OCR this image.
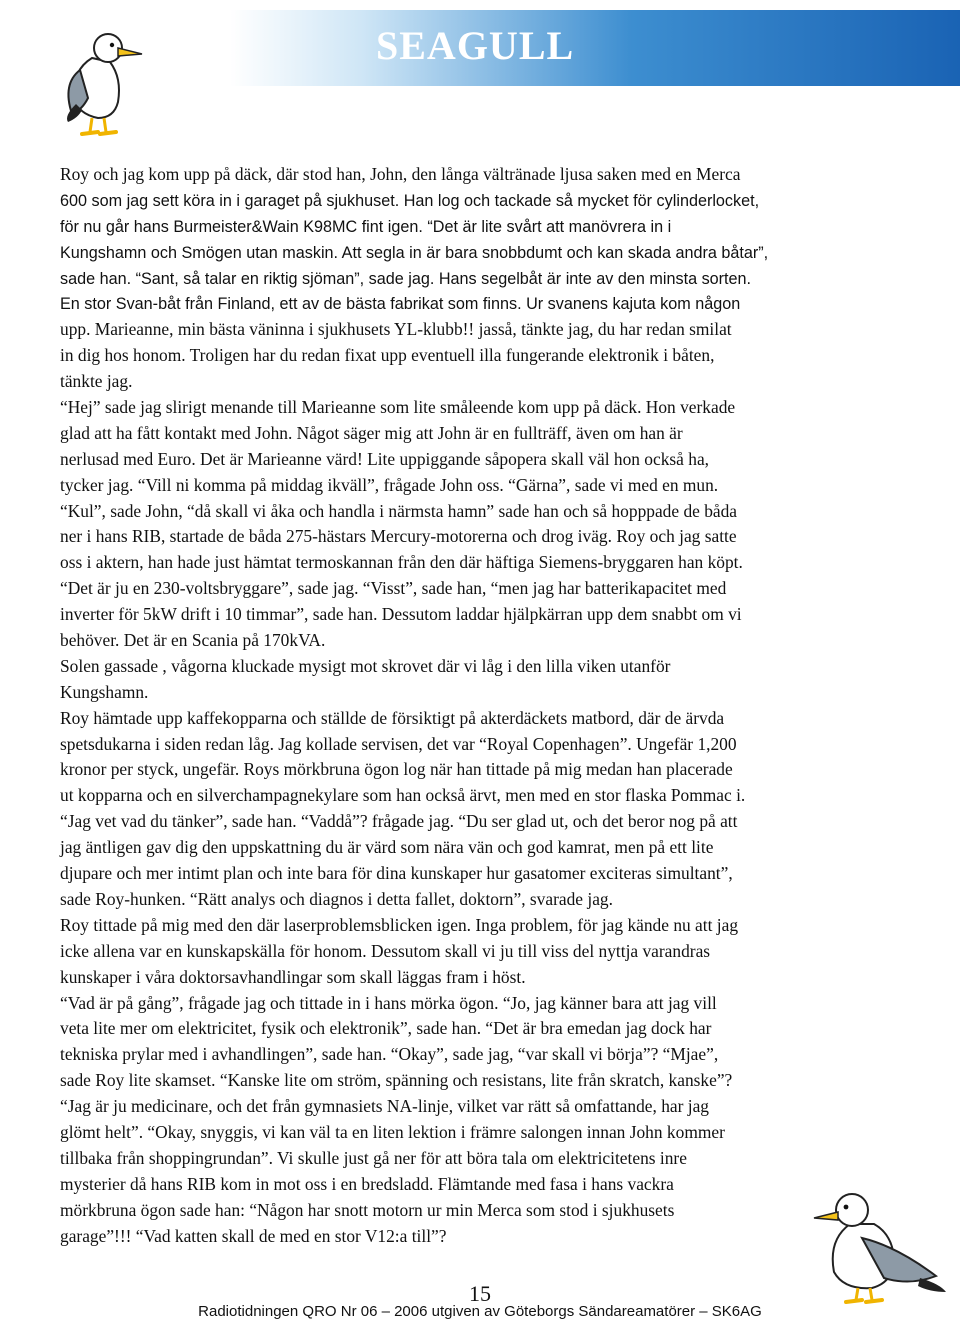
SEAGULL
Roy och jag kom upp på däck, där stod han, John, den långa vältränade ljusa saken med en Merca
600 som jag sett köra in i garaget på sjukhuset. Han log och tackade så mycket för cylinderlocket,
för nu går hans Burmeister&Wain K98MC fint igen. “Det är lite svårt att manövrera in i
Kungshamn och Smögen utan maskin. Att segla in är bara snobbdumt och kan skada andra båtar”,
sade han. “Sant, så talar en riktig sjöman”, sade jag. Hans segelbåt är inte av den minsta sorten.
En stor Svan-båt från Finland, ett av de bästa fabrikat som finns. Ur svanens kajuta kom någon
upp. Marieanne, min bästa väninna i sjukhusets YL-klubb!! jasså, tänkte jag, du har redan smilat
in dig hos honom. Troligen har du redan fixat upp eventuell illa fungerande elektronik i båten,
tänkte jag.
“Hej” sade jag slirigt menande till Marieanne som lite småleende kom upp på däck. Hon verkade
glad att ha fått kontakt med John. Något säger mig att John är en fullträff, även om han är
nerlusad med Euro. Det är Marieanne värd! Lite uppiggande såpopera skall väl hon också ha,
tycker jag. “Vill ni komma på middag ikväll”, frågade John oss. “Gärna”, sade vi med en mun.
“Kul”, sade John, “då skall vi åka och handla i närmsta hamn” sade han och så hopppade de båda
ner i hans RIB, startade de båda 275-hästars Mercury-motorerna och drog iväg. Roy och jag satte
oss i aktern, han hade just hämtat termoskannan från den där häftiga Siemens-bryggaren han köpt.
“Det är ju en 230-voltsbryggare”, sade jag. “Visst”, sade han, “men jag har batterikapacitet med
inverter för 5kW drift i 10 timmar”, sade han. Dessutom laddar hjälpkärran upp dem snabbt om vi
behöver. Det är en Scania på 170kVA.
Solen gassade , vågorna kluckade mysigt mot skrovet där vi låg i den lilla viken utanför
Kungshamn.
Roy hämtade upp kaffekopparna och ställde de försiktigt på akterdäckets matbord, där de ärvda
spetsdukarna i siden redan låg. Jag kollade servisen, det var “Royal Copenhagen”. Ungefär 1,200
kronor per styck, ungefär. Roys mörkbruna ögon log när han tittade på mig medan han placerade
ut kopparna och en silverchampagnekylare som han också ärvt, men med en stor flaska Pommac i.
“Jag vet vad du tänker”, sade han. “Vaddå”? frågade jag. “Du ser glad ut, och det beror nog på att
jag äntligen gav dig den uppskattning du är värd som nära vän och god kamrat, men på ett lite
djupare och mer intimt plan och inte bara för dina kunskaper hur gasatomer exciteras simultant”,
sade Roy-hunken. “Rätt analys och diagnos i detta fallet, doktorn”, svarade jag.
Roy tittade på mig med den där laserproblemsblicken igen. Inga problem, för jag kände nu att jag
icke allena var en kunskapskälla för honom. Dessutom skall vi ju till viss del nyttja varandras
kunskaper i våra doktorsavhandlingar som skall läggas fram i höst.
“Vad är på gång”, frågade jag och tittade in i hans mörka ögon. “Jo, jag känner bara att jag vill
veta lite mer om elektricitet, fysik och elektronik”, sade han. “Det är bra emedan jag dock har
tekniska prylar med i avhandlingen”, sade han. “Okay”, sade jag, “var skall vi börja”? “Mjae”,
sade Roy lite skamset. “Kanske lite om ström, spänning och resistans, lite från skratch, kanske”?
“Jag är ju medicinare, och det från gymnasiets NA-linje, vilket var rätt så omfattande, har jag
glömt helt”. “Okay, snyggis, vi kan väl ta en liten lektion i främre salongen innan John kommer
tillbaka från shoppingrundan”. Vi skulle just gå ner för att böra tala om elektricitetens inre
mysterier då hans RIB kom in mot oss i en bredsladd. Flämtande med fasa i hans vackra
mörkbruna ögon sade han: “Någon har snott motorn ur min Merca som stod i sjukhusets
garage”!!! “Vad katten skall de med en stor V12:a till”?
15
Radiotidningen QRO Nr 06 – 2006 utgiven av Göteborgs Sändareamatörer – SK6AG
